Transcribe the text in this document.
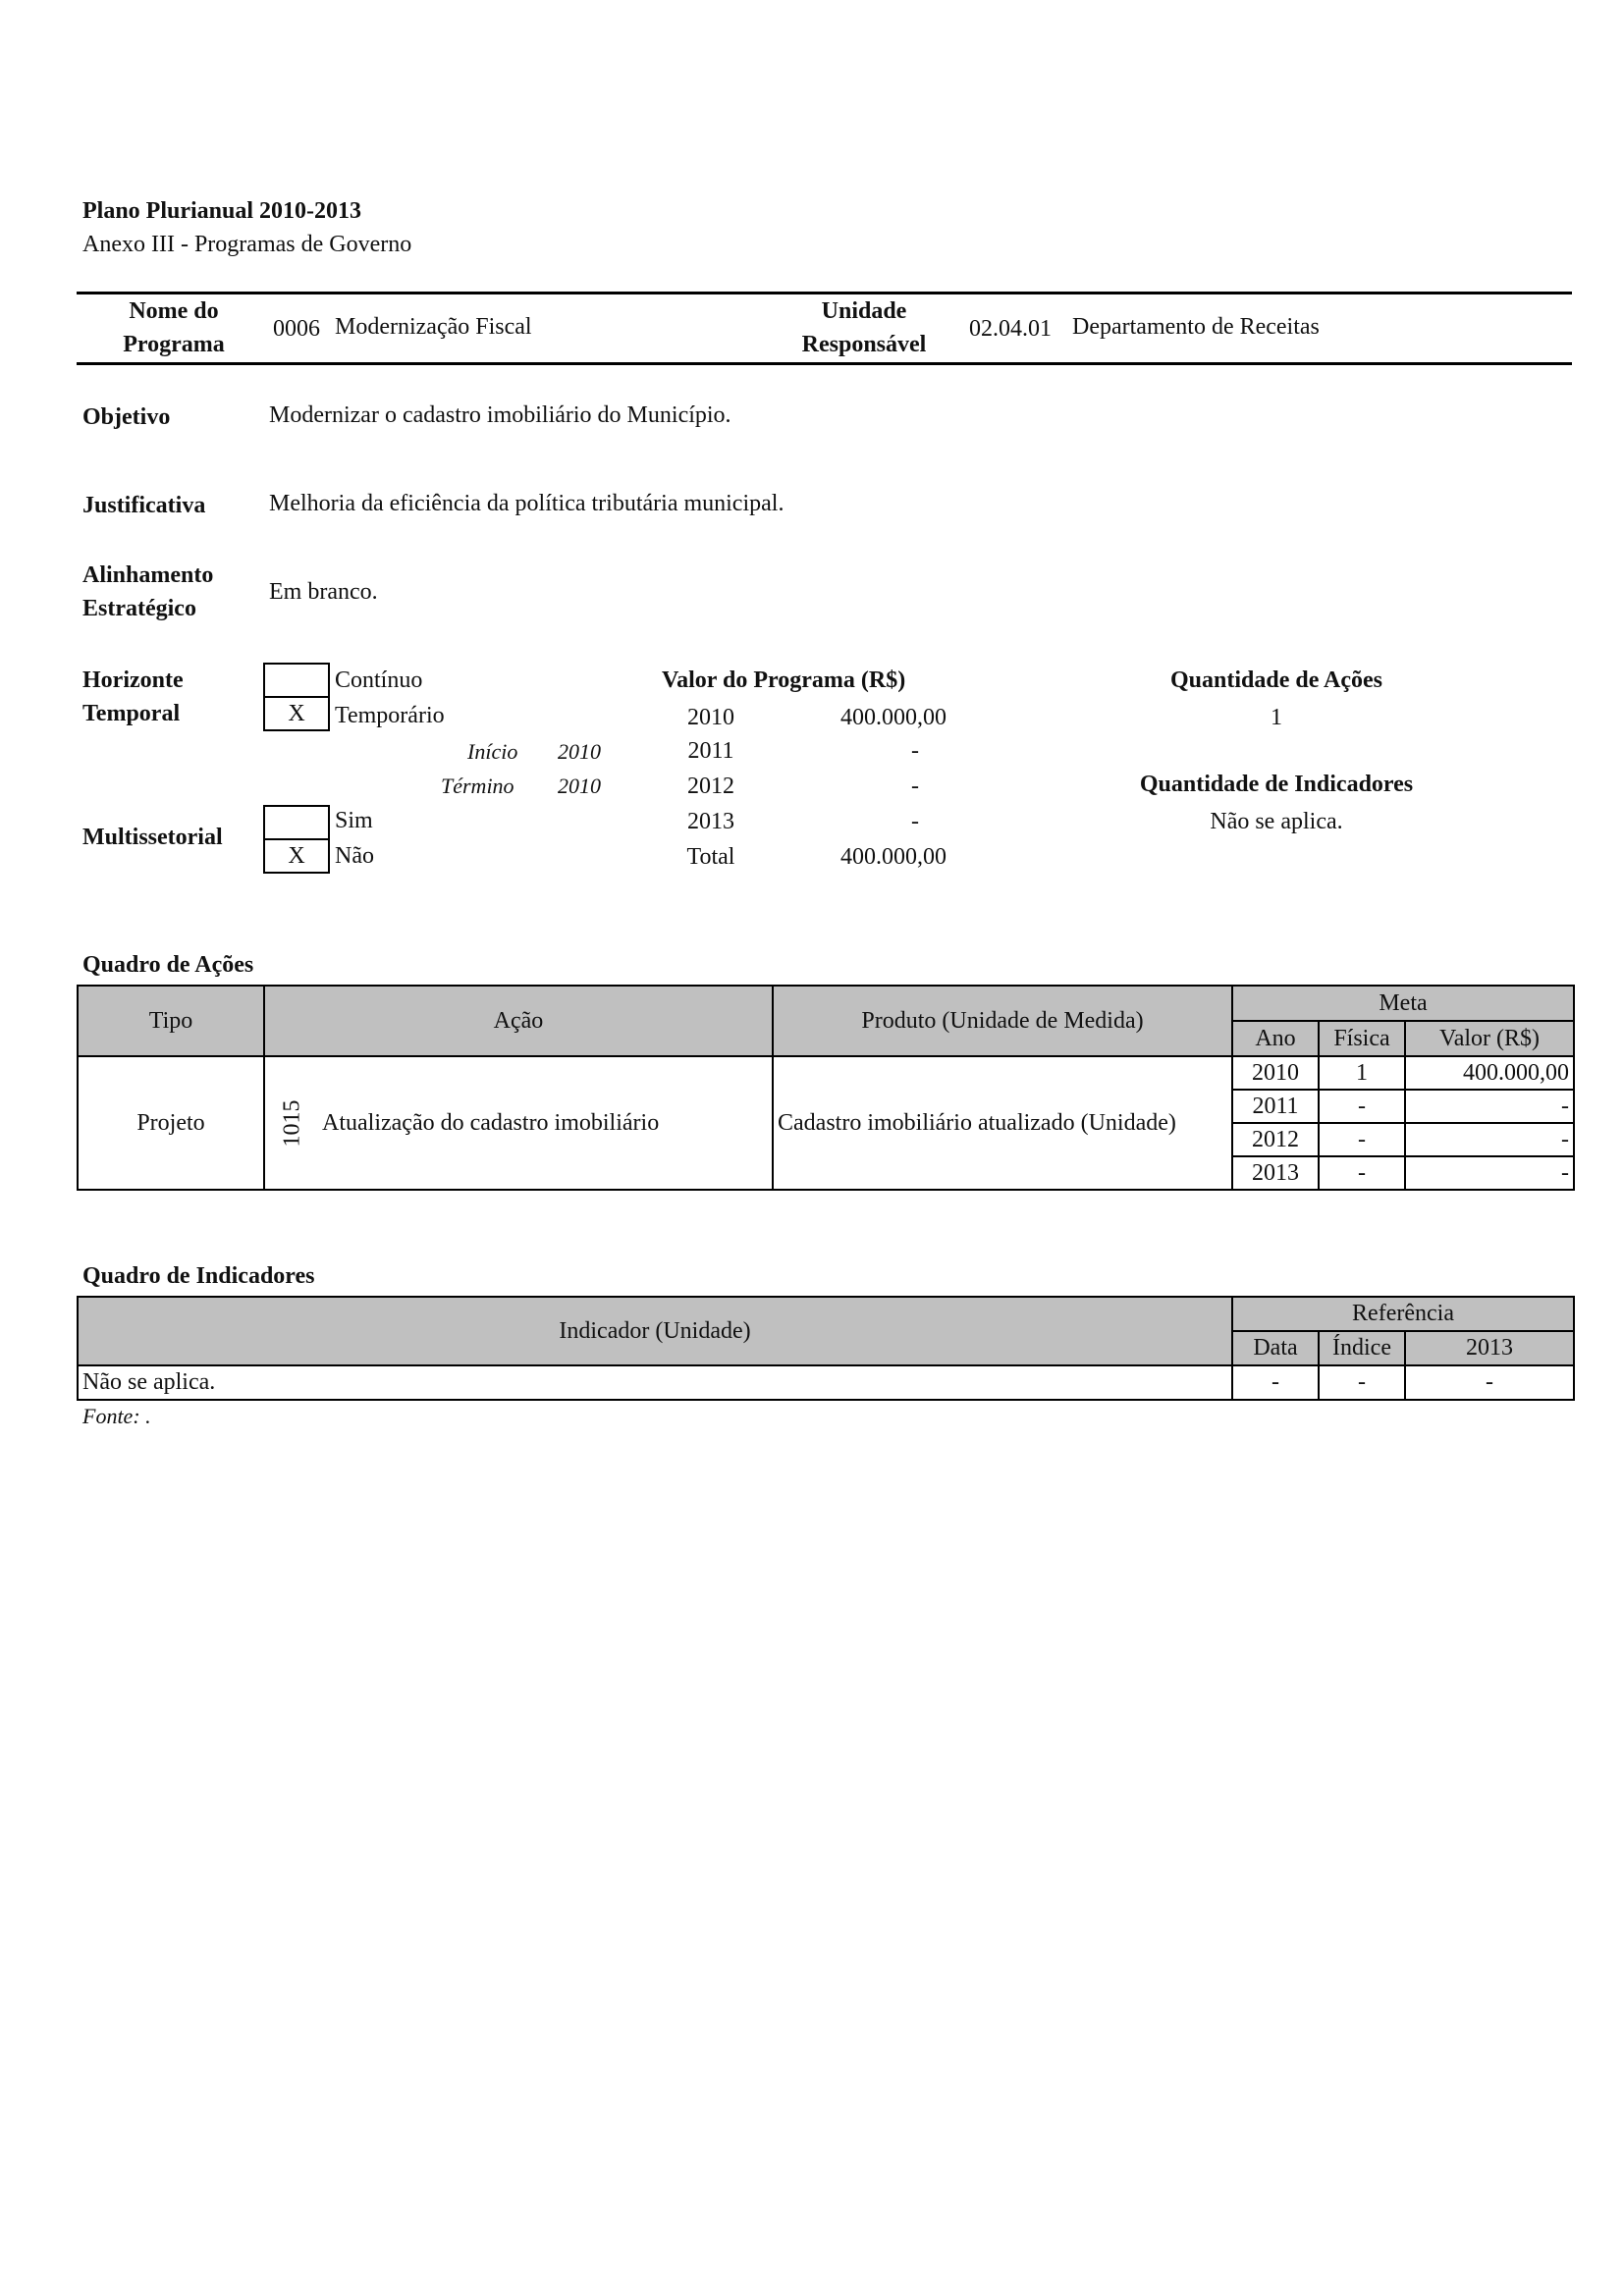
Plano Plurianual 2010-2013
Anexo III - Programas de Governo
Nome do
Programa
0006 Modernização Fiscal
Unidade
Responsável
02.04.01 Departamento de Receitas
Objetivo	Modernizar o cadastro imobiliário do Município.
Justificativa	Melhoria da eficiência da política tributária municipal.
Alinhamento
Estratégico
Em branco.
Horizonte
Temporal
Contínuo
X	Temporário
Início 2010
Término 2010
Multissetorial
Sim
X	Não
Valor do Programa (R$)
2010	400.000,00
2011	-
2012	-
2013	-
Total	400.000,00
Quantidade de Ações
1
Quantidade de Indicadores
Não se aplica.
Quadro de Ações
Tipo	Ação	Produto (Unidade de Medida)	Meta		
			Ano	Física	Valor (R$)
Projeto	1015 Atualização do cadastro imobiliário	Cadastro imobiliário atualizado (Unidade)	2010	1	400.000,00
			2011	-	-
			2012	-	-
			2013	-	-
Quadro de Indicadores
Indicador (Unidade)	Referência		
	Data	Índice	2013
Não se aplica.	-	-	-
Fonte: .
